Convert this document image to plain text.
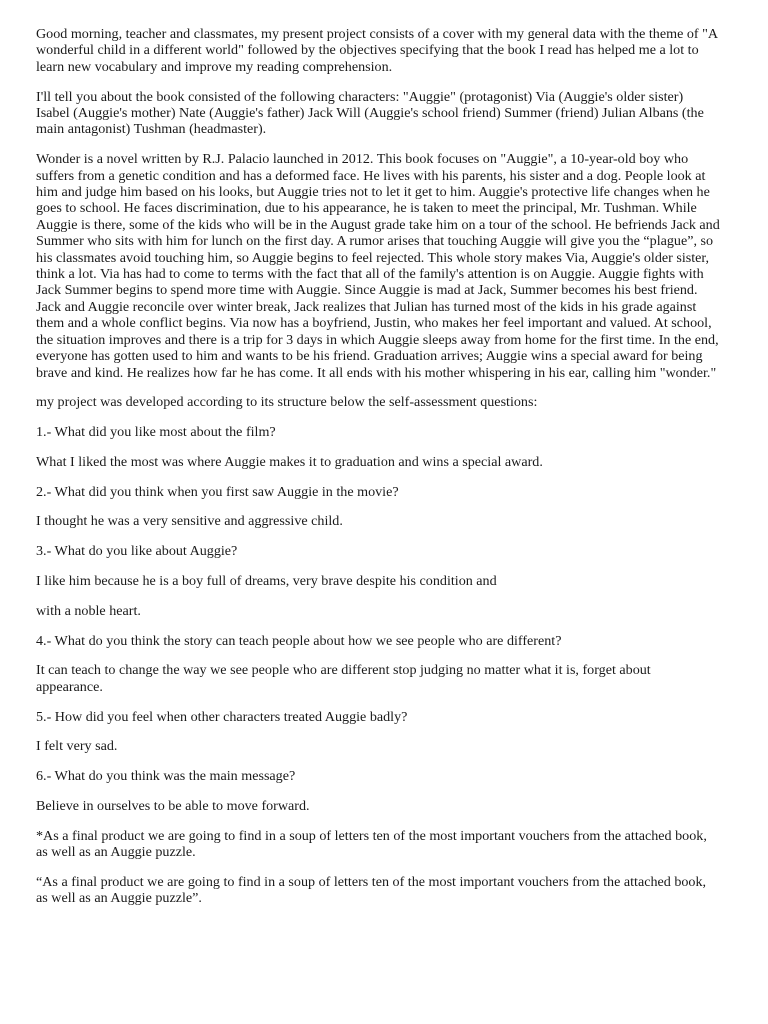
Good morning, teacher and classmates, my present project consists of a cover with my general data with the theme of "A wonderful child in a different world" followed by the objectives specifying that the book I read has helped me a lot to learn new vocabulary and improve my reading comprehension.

I'll tell you about the book consisted of the following characters: "Auggie" (protagonist) Via (Auggie's older sister) Isabel (Auggie's mother) Nate (Auggie's father) Jack Will (Auggie's school friend) Summer (friend) Julian Albans (the main antagonist) Tushman (headmaster).

Wonder is a novel written by R.J. Palacio launched in 2012. This book focuses on "Auggie", a 10-year-old boy who suffers from a genetic condition and has a deformed face. He lives with his parents, his sister and a dog. People look at him and judge him based on his looks, but Auggie tries not to let it get to him. Auggie's protective life changes when he goes to school. He faces discrimination, due to his appearance, he is taken to meet the principal, Mr. Tushman. While Auggie is there, some of the kids who will be in the August grade take him on a tour of the school. He befriends Jack and Summer who sits with him for lunch on the first day. A rumor arises that touching Auggie will give you the “plague”, so his classmates avoid touching him, so Auggie begins to feel rejected. This whole story makes Via, Auggie's older sister, think a lot. Via has had to come to terms with the fact that all of the family's attention is on Auggie. Auggie fights with Jack Summer begins to spend more time with Auggie. Since Auggie is mad at Jack, Summer becomes his best friend. Jack and Auggie reconcile over winter break, Jack realizes that Julian has turned most of the kids in his grade against them and a whole conflict begins. Via now has a boyfriend, Justin, who makes her feel important and valued. At school, the situation improves and there is a trip for 3 days in which Auggie sleeps away from home for the first time. In the end, everyone has gotten used to him and wants to be his friend. Graduation arrives; Auggie wins a special award for being brave and kind. He realizes how far he has come. It all ends with his mother whispering in his ear, calling him "wonder."

my project was developed according to its structure below the self-assessment questions:

1.- What did you like most about the film?

What I liked the most was where Auggie makes it to graduation and wins a special award.

2.- What did you think when you first saw Auggie in the movie?

I thought he was a very sensitive and aggressive child.

3.- What do you like about Auggie?

I like him because he is a boy full of dreams, very brave despite his condition and

with a noble heart.

4.- What do you think the story can teach people about how we see people who are different?

It can teach to change the way we see people who are different stop judging no matter what it is, forget about appearance.

5.- How did you feel when other characters treated Auggie badly?

I felt very sad.

6.- What do you think was the main message?

Believe in ourselves to be able to move forward.

*As a final product we are going to find in a soup of letters ten of the most important vouchers from the attached book, as well as an Auggie puzzle.

“As a final product we are going to find in a soup of letters ten of the most important vouchers from the attached book, as well as an Auggie puzzle”.
